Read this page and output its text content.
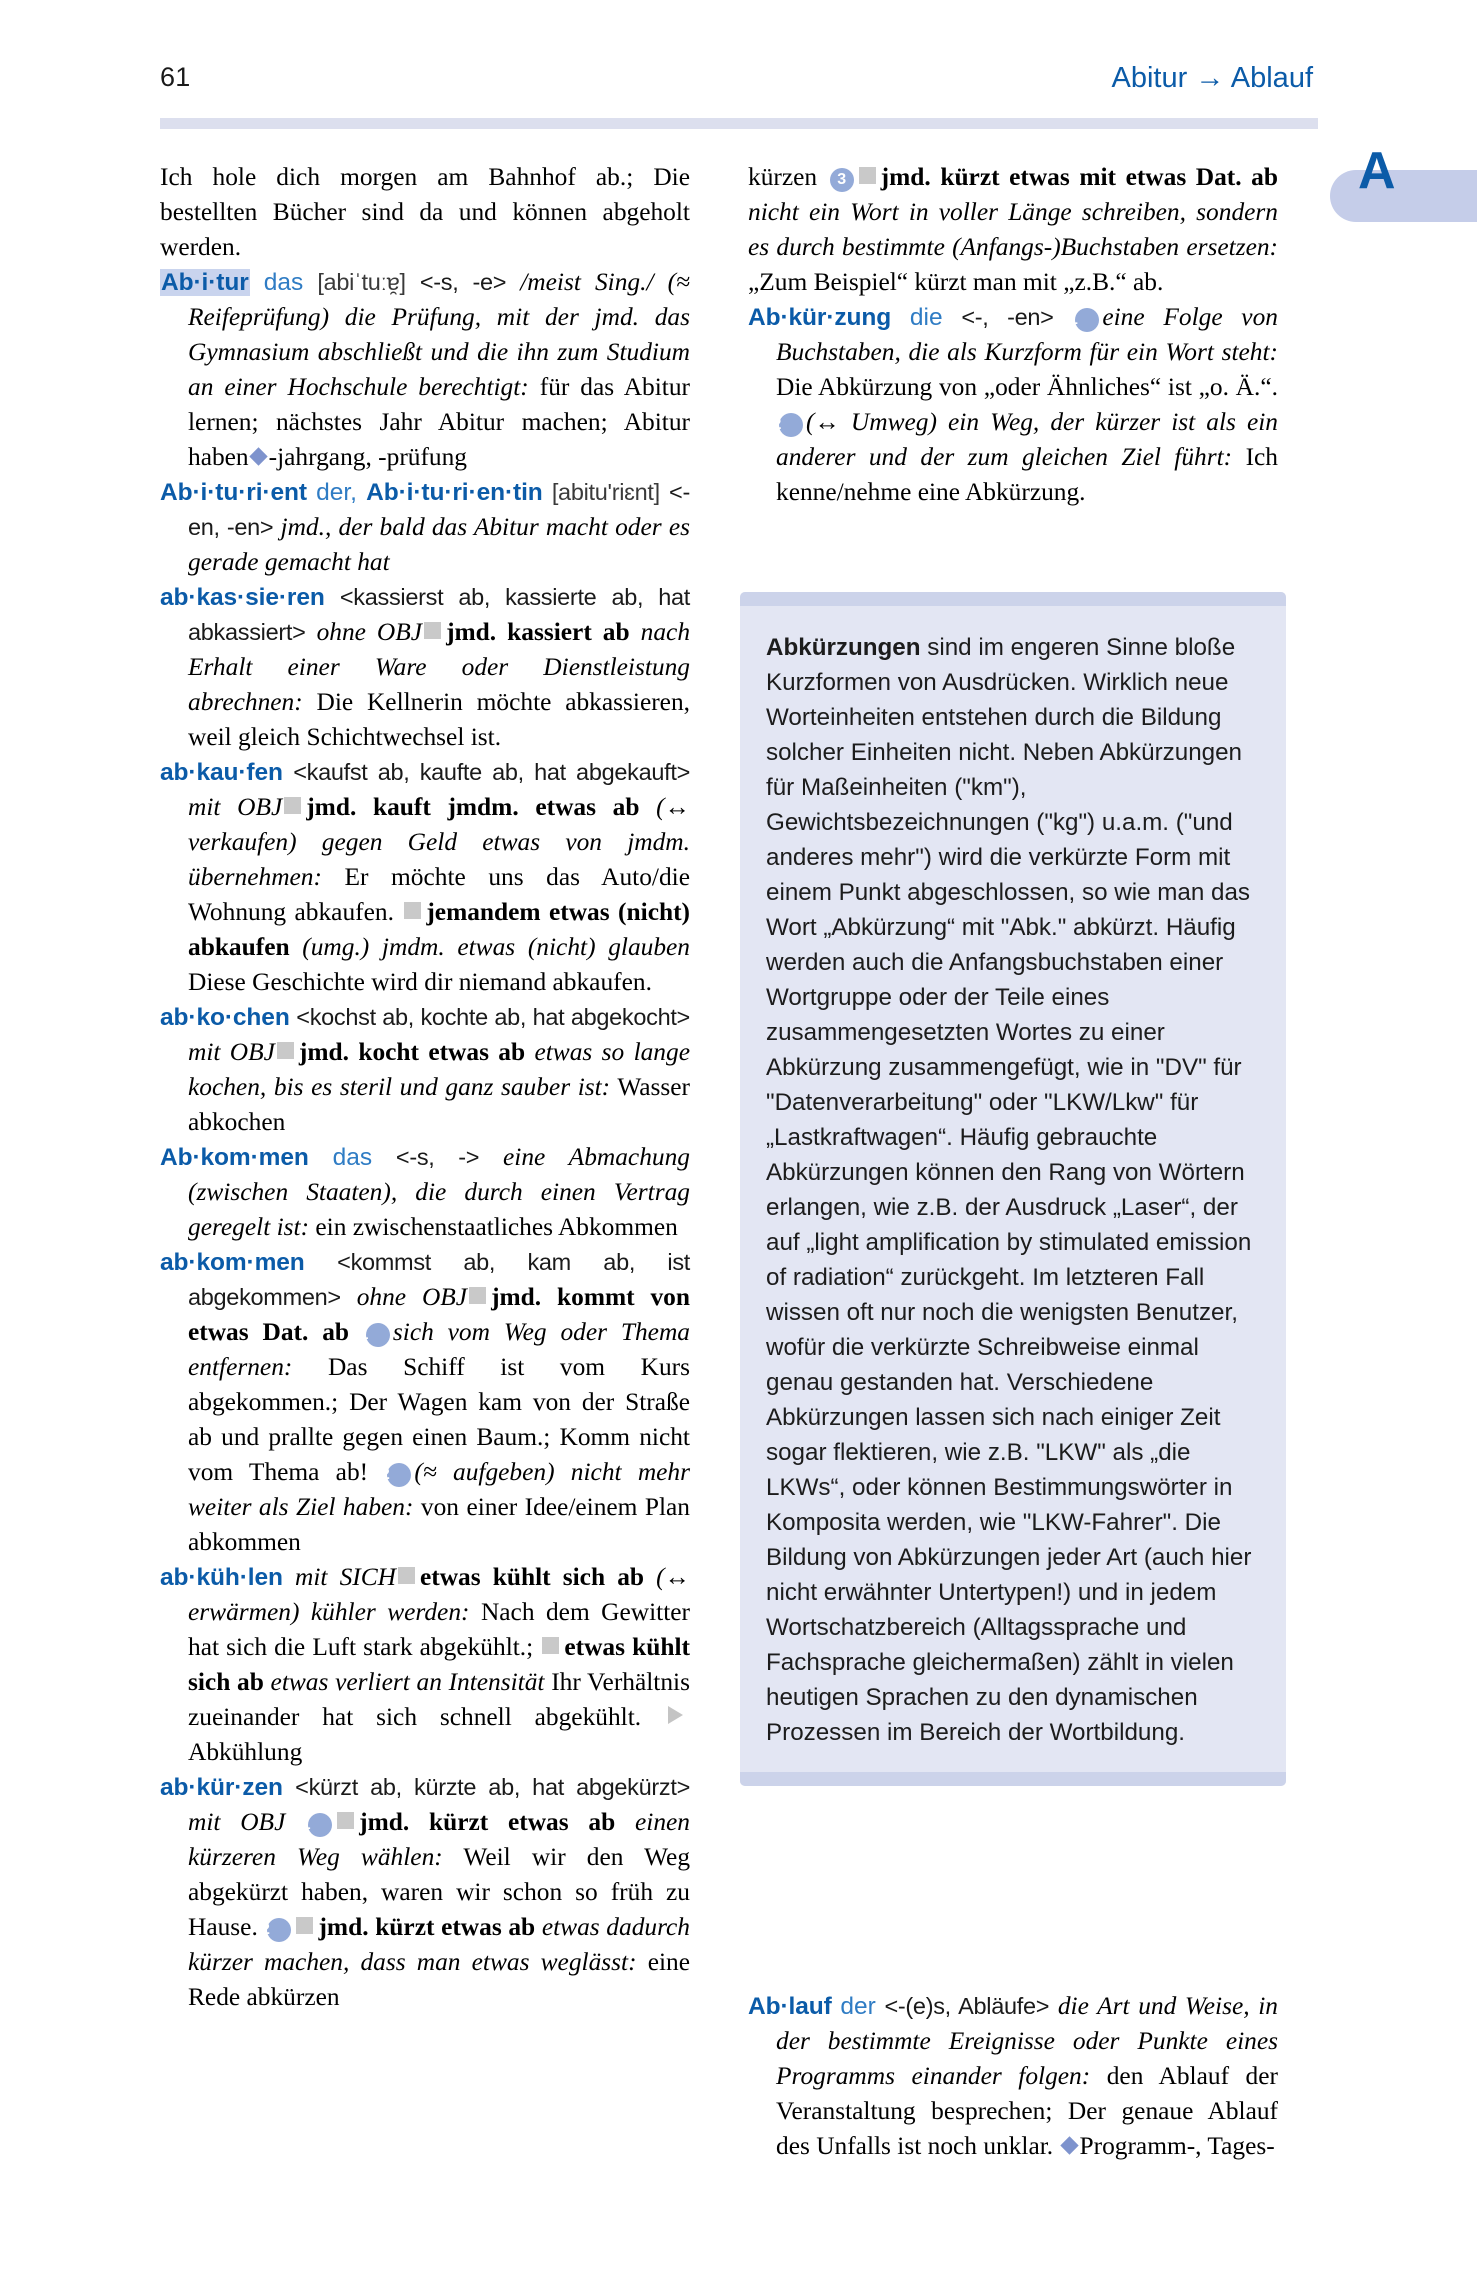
61	Abitur → Ablauf
A

Ich hole dich morgen am Bahnhof ab.; Die bestellten Bücher sind da und können abgeholt werden.

Ab·i·tur das [abiˈtuːɐ̯] <-s, -e> /meist Sing./ (≈ Reifeprüfung) die Prüfung, mit der jmd. das Gymnasium abschließt und die ihn zum Studium an einer Hochschule berechtigt: für das Abitur lernen; nächstes Jahr Abitur machen; Abitur haben -jahrgang, -prüfung

Ab·i·tu·ri·ent der, Ab·i·tu·ri·en·tin [abitu'riɛnt] <-en, -en> jmd., der bald das Abitur macht oder es gerade gemacht hat

ab·kas·sie·ren <kassierst ab, kassierte ab, hat abkassiert> ohne OBJ jmd. kassiert ab nach Erhalt einer Ware oder Dienstleistung abrechnen: Die Kellnerin möchte abkassieren, weil gleich Schichtwechsel ist.

ab·kau·fen <kaufst ab, kaufte ab, hat abgekauft> mit OBJ jmd. kauft jmdm. etwas ab (↔ verkaufen) gegen Geld etwas von jmdm. übernehmen: Er möchte uns das Auto/die Wohnung abkaufen. jemandem etwas (nicht) abkaufen (umg.) jmdm. etwas (nicht) glauben Diese Geschichte wird dir niemand abkaufen.

ab·ko·chen <kochst ab, kochte ab, hat abgekocht> mit OBJ jmd. kocht etwas ab etwas so lange kochen, bis es steril und ganz sauber ist: Wasser abkochen

Ab·kom·men das <-s, -> eine Abmachung (zwischen Staaten), die durch einen Vertrag geregelt ist: ein zwischenstaatliches Abkommen

ab·kom·men <kommst ab, kam ab, ist abgekommen> ohne OBJ jmd. kommt von etwas Dat. ab 1 sich vom Weg oder Thema entfernen: Das Schiff ist vom Kurs abgekommen.; Der Wagen kam von der Straße ab und prallte gegen einen Baum.; Komm nicht vom Thema ab! 2 (≈ aufgeben) nicht mehr weiter als Ziel haben: von einer Idee/einem Plan abkommen

ab·küh·len mit SICH etwas kühlt sich ab (↔ erwärmen) kühler werden: Nach dem Gewitter hat sich die Luft stark abgekühlt.; etwas kühlt sich ab etwas verliert an Intensität Ihr Verhältnis zueinander hat sich schnell abgekühlt. Abkühlung

ab·kür·zen <kürzt ab, kürzte ab, hat abgekürzt> mit OBJ 1 jmd. kürzt etwas ab einen kürzeren Weg wählen: Weil wir den Weg abgekürzt haben, waren wir schon so früh zu Hause. 2 jmd. kürzt etwas ab etwas dadurch kürzer machen, dass man etwas weglässt: eine Rede abkürzen

kürzen 3 jmd. kürzt etwas mit etwas Dat. ab nicht ein Wort in voller Länge schreiben, sondern es durch bestimmte (Anfangs-)Buchstaben ersetzen: „Zum Beispiel“ kürzt man mit „z.B.“ ab.

Ab·kür·zung die <-, -en> 1 eine Folge von Buchstaben, die als Kurzform für ein Wort steht: Die Abkürzung von „oder Ähnliches“ ist „o. Ä.“. 2 (↔ Umweg) ein Weg, der kürzer ist als ein anderer und der zum gleichen Ziel führt: Ich kenne/nehme eine Abkürzung.

Abkürzungen sind im engeren Sinne bloße Kurzformen von Ausdrücken. Wirklich neue Worteinheiten entstehen durch die Bildung solcher Einheiten nicht. Neben Abkürzungen für Maßeinheiten ("km"), Gewichtsbezeichnungen ("kg") u.a.m. ("und anderes mehr") wird die verkürzte Form mit einem Punkt abgeschlossen, so wie man das Wort „Abkürzung“ mit "Abk." abkürzt. Häufig werden auch die Anfangsbuchstaben einer Wortgruppe oder der Teile eines zusammengesetzten Wortes zu einer Abkürzung zusammengefügt, wie in "DV" für "Datenverarbeitung" oder "LKW/Lkw" für „Lastkraftwagen“. Häufig gebrauchte Abkürzungen können den Rang von Wörtern erlangen, wie z.B. der Ausdruck „Laser“, der auf „light amplification by stimulated emission of radiation“ zurückgeht. Im letzteren Fall wissen oft nur noch die wenigsten Benutzer, wofür die verkürzte Schreibweise einmal genau gestanden hat. Verschiedene Abkürzungen lassen sich nach einiger Zeit sogar flektieren, wie z.B. "LKW" als „die LKWs“, oder können Bestimmungswörter in Komposita werden, wie "LKW-Fahrer". Die Bildung von Abkürzungen jeder Art (auch hier nicht erwähnter Untertypen!) und in jedem Wortschatzbereich (Alltagssprache und Fachsprache gleichermaßen) zählt in vielen heutigen Sprachen zu den dynamischen Prozessen im Bereich der Wortbildung.

Ab·lauf der <-(e)s, Abläufe> die Art und Weise, in der bestimmte Ereignisse oder Punkte eines Programms einander folgen: den Ablauf der Veranstaltung besprechen; Der genaue Ablauf des Unfalls ist noch unklar. Programm-, Tages-
